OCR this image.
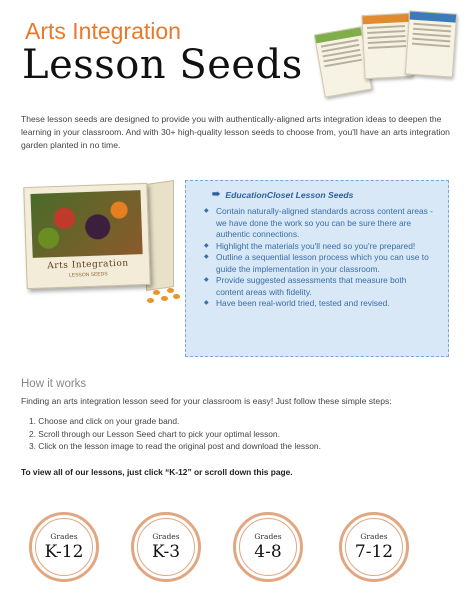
Arts Integration
Lesson Seeds
These lesson seeds are designed to provide you with authentically-aligned arts integration ideas to deepen the learning in your classroom. And with 30+ high-quality lesson seeds to choose from, you'll have an arts integration garden planted in no time.
Arts Integration
LESSON SEEDS
➠ EducationCloset Lesson Seeds
◆ Contain naturally-aligned standards across content areas - we have done the work so you can be sure there are authentic connections.
◆ Highlight the materials you'll need so you're prepared!
◆ Outline a sequential lesson process which you can use to guide the implementation in your classroom.
◆ Provide suggested assessments that measure both content areas with fidelity.
◆ Have been real-world tried, tested and revised.
How it works
Finding an arts integration lesson seed for your classroom is easy! Just follow these simple steps:
1. Choose and click on your grade band.
2. Scroll through our Lesson Seed chart to pick your optimal lesson.
3. Click on the lesson image to read the original post and download the lesson.
To view all of our lessons, just click “K-12” or scroll down this page.
Grades
K-12
Grades
K-3
Grades
4-8
Grades
7-12
